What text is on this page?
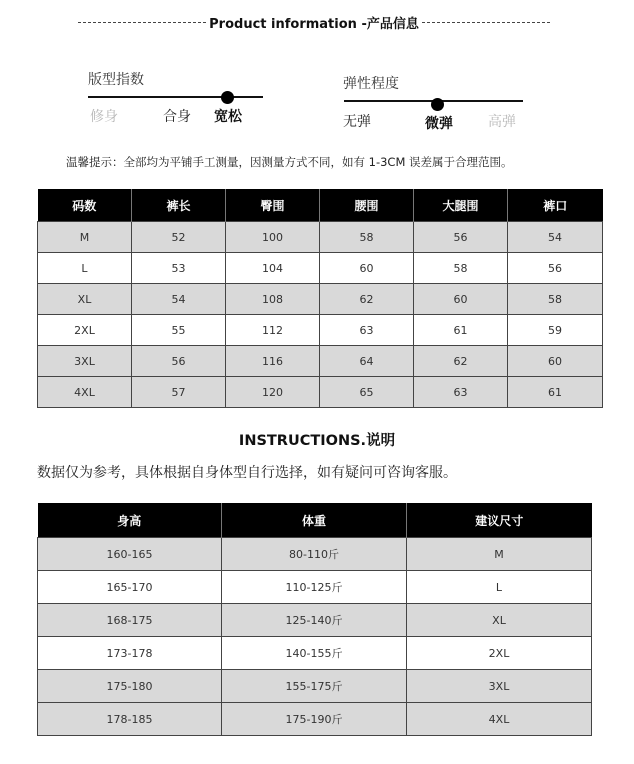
Product information -产品信息
版型指数
修身	合身 宽松
弹性程度
无弹	微弹	高弹
温馨提示：全部均为平铺手工测量，因测量方式不同，如有 1-3CM 误差属于合理范围。
码数	裤长	臀围	腰围	大腿围	裤口
M	52	100	58	56	54
L	53	104	60	58	56
XL	54	108	62	60	58
2XL	55	112	63	61	59
3XL	56	116	64	62	60
4XL	57	120	65	63	61
INSTRUCTIONS.说明
数据仅为参考，具体根据自身体型自行选择，如有疑问可咨询客服。
身高	体重	建议尺寸
160-165	80-110斤	M
165-170	110-125斤	L
168-175	125-140斤	XL
173-178	140-155斤	2XL
175-180	155-175斤	3XL
178-185	175-190斤	4XL
